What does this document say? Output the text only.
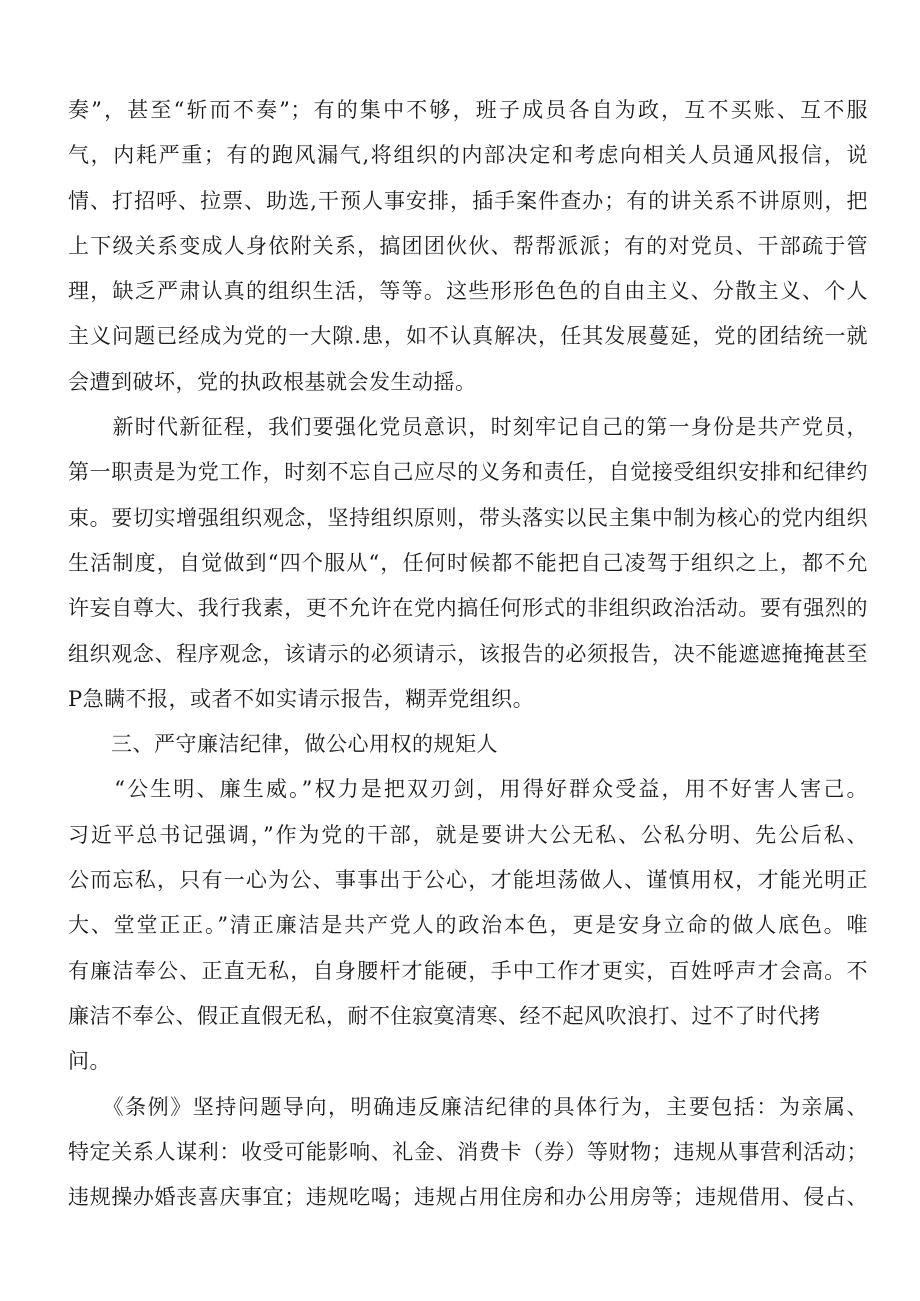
奏”，甚至“斩而不奏”；有的集中不够，班子成员各自为政，互不买账、互不服
气，内耗严重；有的跑风漏气,将组织的内部决定和考虑向相关人员通风报信，说
情、打招呼、拉票、助选,干预人事安排，插手案件查办；有的讲关系不讲原则，把
上下级关系变成人身依附关系，搞团团伙伙、帮帮派派；有的对党员、干部疏于管
理，缺乏严肃认真的组织生活，等等。这些形形色色的自由主义、分散主义、个人
主义问题已经成为党的一大隙.患，如不认真解决，任其发展蔓延，党的团结统一就
会遭到破坏，党的执政根基就会发生动摇。
　　新时代新征程，我们要强化党员意识，时刻牢记自己的第一身份是共产党员，
第一职责是为党工作，时刻不忘自己应尽的义务和责任，自觉接受组织安排和纪律约
束。要切实增强组织观念，坚持组织原则，带头落实以民主集中制为核心的党内组织
生活制度，自觉做到“四个服从“，任何时候都不能把自己凌驾于组织之上，都不允
许妄自尊大、我行我素，更不允许在党内搞任何形式的非组织政治活动。要有强烈的
组织观念、程序观念，该请示的必须请示，该报告的必须报告，决不能遮遮掩掩甚至
P急瞒不报，或者不如实请示报告，糊弄党组织。
　　三、严守廉洁纪律，做公心用权的规矩人
　　“公生明、廉生威。”权力是把双刃剑，用得好群众受益，用不好害人害己。
习近平总书记强调，”作为党的干部，就是要讲大公无私、公私分明、先公后私、
公而忘私，只有一心为公、事事出于公心，才能坦荡做人、谨慎用权，才能光明正
大、堂堂正正。”清正廉洁是共产党人的政治本色，更是安身立命的做人底色。唯
有廉洁奉公、正直无私，自身腰杆才能硬，手中工作才更实，百姓呼声才会高。不
廉洁不奉公、假正直假无私，耐不住寂寞清寒、经不起风吹浪打、过不了时代拷
问。
　　《条例》坚持问题导向，明确违反廉洁纪律的具体行为，主要包括：为亲属、
特定关系人谋利：收受可能影响、礼金、消费卡（券）等财物；违规从事营利活动；
违规操办婚丧喜庆事宜；违规吃喝；违规占用住房和办公用房等；违规借用、侵占、
